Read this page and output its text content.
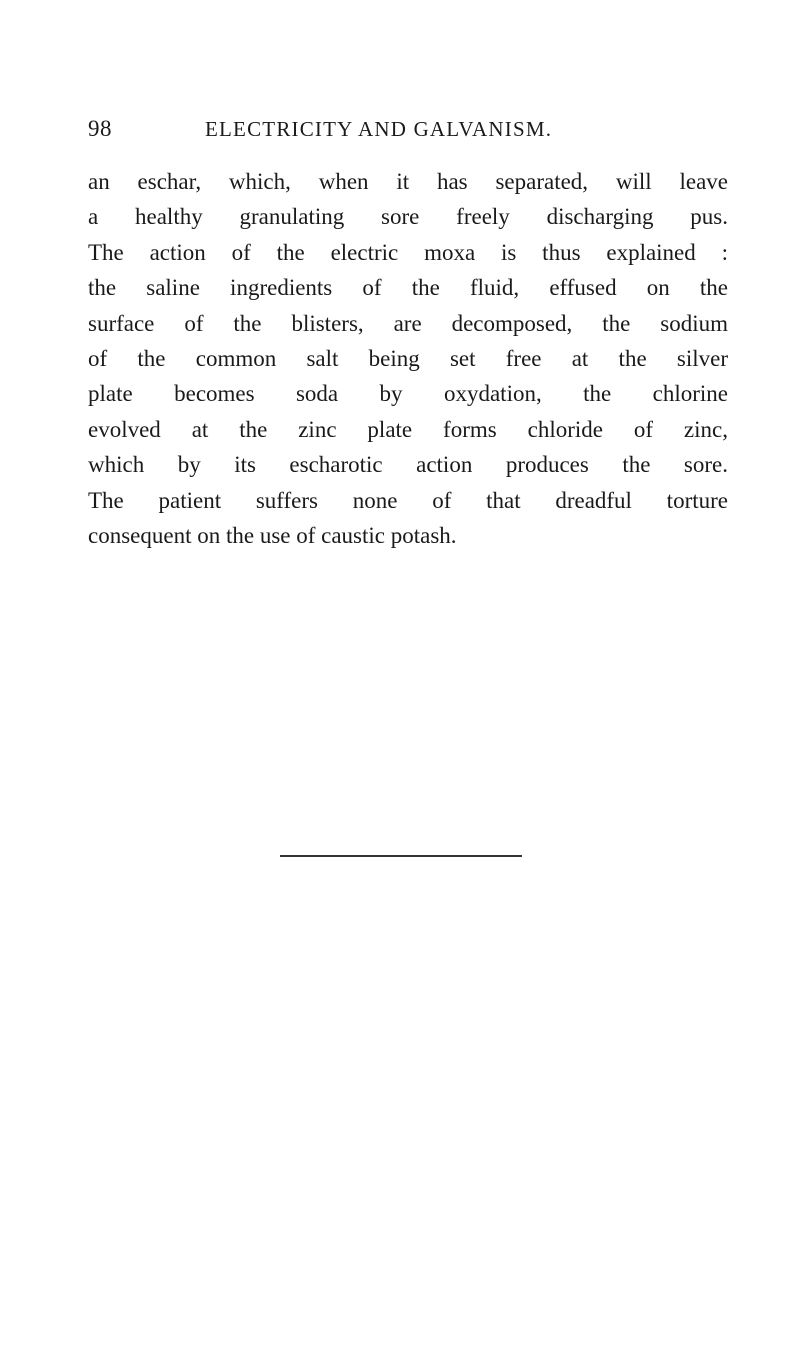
98	ELECTRICITY AND GALVANISM.
an eschar, which, when it has separated, will leave
a healthy granulating sore freely discharging pus.
The action of the electric moxa is thus explained :
the saline ingredients of the fluid, effused on the
surface of the blisters, are decomposed, the sodium
of the common salt being set free at the silver
plate becomes soda by oxydation, the chlorine
evolved at the zinc plate forms chloride of zinc,
which by its escharotic action produces the sore.
The patient suffers none of that dreadful torture
consequent on the use of caustic potash.
